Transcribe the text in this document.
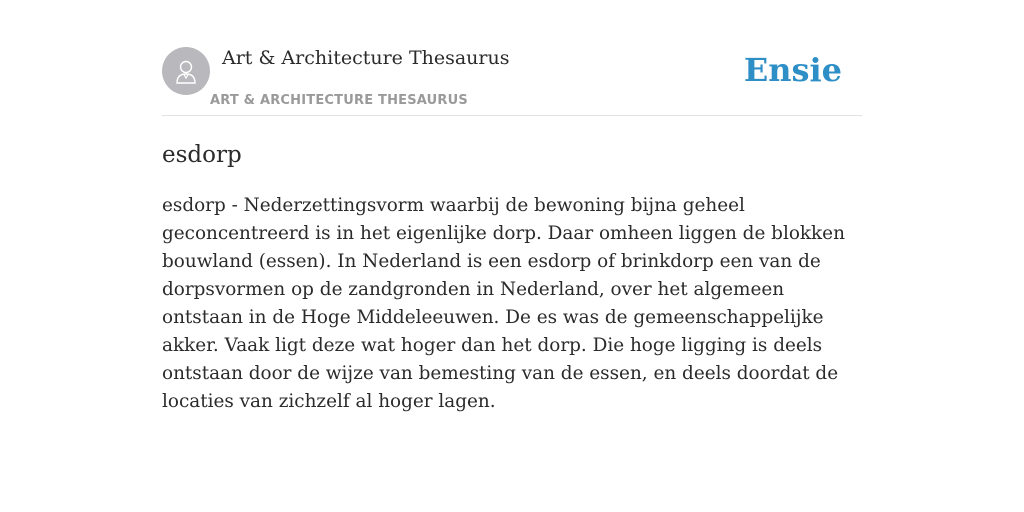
Art & Architecture Thesaurus
ART & ARCHITECTURE THESAURUS
Ensie
esdorp

esdorp - Nederzettingsvorm waarbij de bewoning bijna geheel geconcentreerd is in het eigenlijke dorp. Daar omheen liggen de blokken bouwland (essen). In Nederland is een esdorp of brinkdorp een van de dorpsvormen op de zandgronden in Nederland, over het algemeen ontstaan in de Hoge Middeleeuwen. De es was de gemeenschappelijke akker. Vaak ligt deze wat hoger dan het dorp. Die hoge ligging is deels ontstaan door de wijze van bemesting van de essen, en deels doordat de locaties van zichzelf al hoger lagen.
